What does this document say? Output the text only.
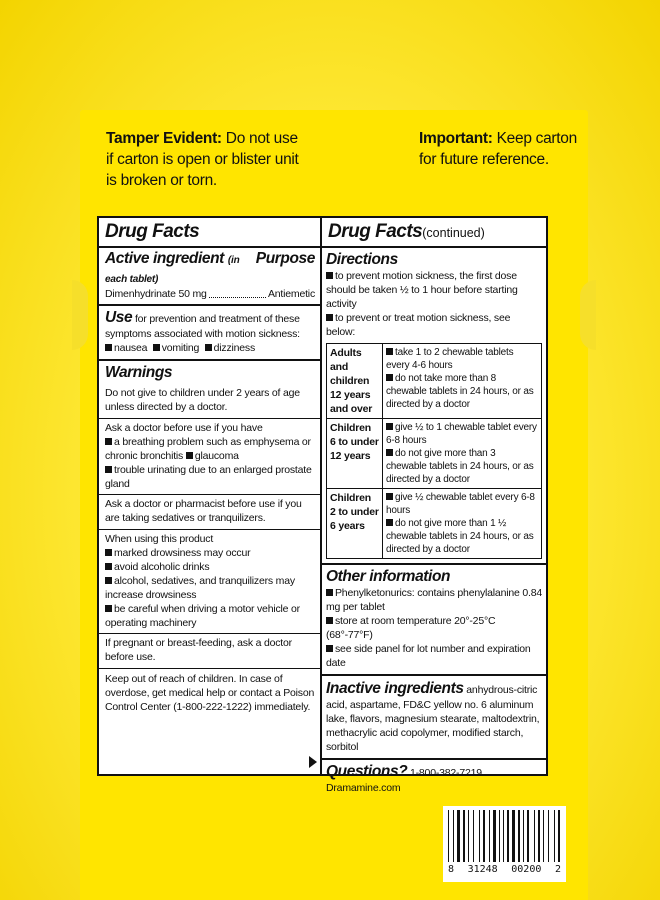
Tamper Evident: Do not use if carton is open or blister unit is broken or torn.
Important: Keep carton for future reference.
Drug Facts
Active ingredient (in each tablet)
Purpose
Dimenhydrinate 50 mg	Antiemetic
Use for prevention and treatment of these symptoms associated with motion sickness:
nausea vomiting dizziness
Warnings
Do not give to children under 2 years of age unless directed by a doctor.
Ask a doctor before use if you have
a breathing problem such as emphysema or chronic bronchitis glaucoma
trouble urinating due to an enlarged prostate gland
Ask a doctor or pharmacist before use if you are taking sedatives or tranquilizers.
When using this product
marked drowsiness may occur
avoid alcoholic drinks
alcohol, sedatives, and tranquilizers may increase drowsiness
be careful when driving a motor vehicle or operating machinery
If pregnant or breast-feeding, ask a doctor before use.
Keep out of reach of children. In case of overdose, get medical help or contact a Poison Control Center (1-800-222-1222) immediately.
Drug Facts(continued)
Directions
to prevent motion sickness, the first dose should be taken ½ to 1 hour before starting activity
to prevent or treat motion sickness, see below:
Adults and children 12 years and over	take 1 to 2 chewable tablets every 4-6 hours
do not take more than 8 chewable tablets in 24 hours, or as directed by a doctor

Children 6 to under 12 years	give ½ to 1 chewable tablet every 6-8 hours
do not give more than 3 chewable tablets in 24 hours, or as directed by a doctor

Children 2 to under 6 years	give ½ chewable tablet every 6-8 hours
do not give more than 1 ½ chewable tablets in 24 hours, or as directed by a doctor
Other information
Phenylketonurics: contains phenylalanine 0.84 mg per tablet
store at room temperature 20°-25°C (68°-77°F)
see side panel for lot number and expiration date
Inactive ingredients anhydrous-citric acid, aspartame, FD&C yellow no. 6 aluminum lake, flavors, magnesium stearate, maltodextrin, methacrylic acid copolymer, modified starch, sorbitol
Questions? 1-800-382-7219 Dramamine.com
8 31248 00200 2
